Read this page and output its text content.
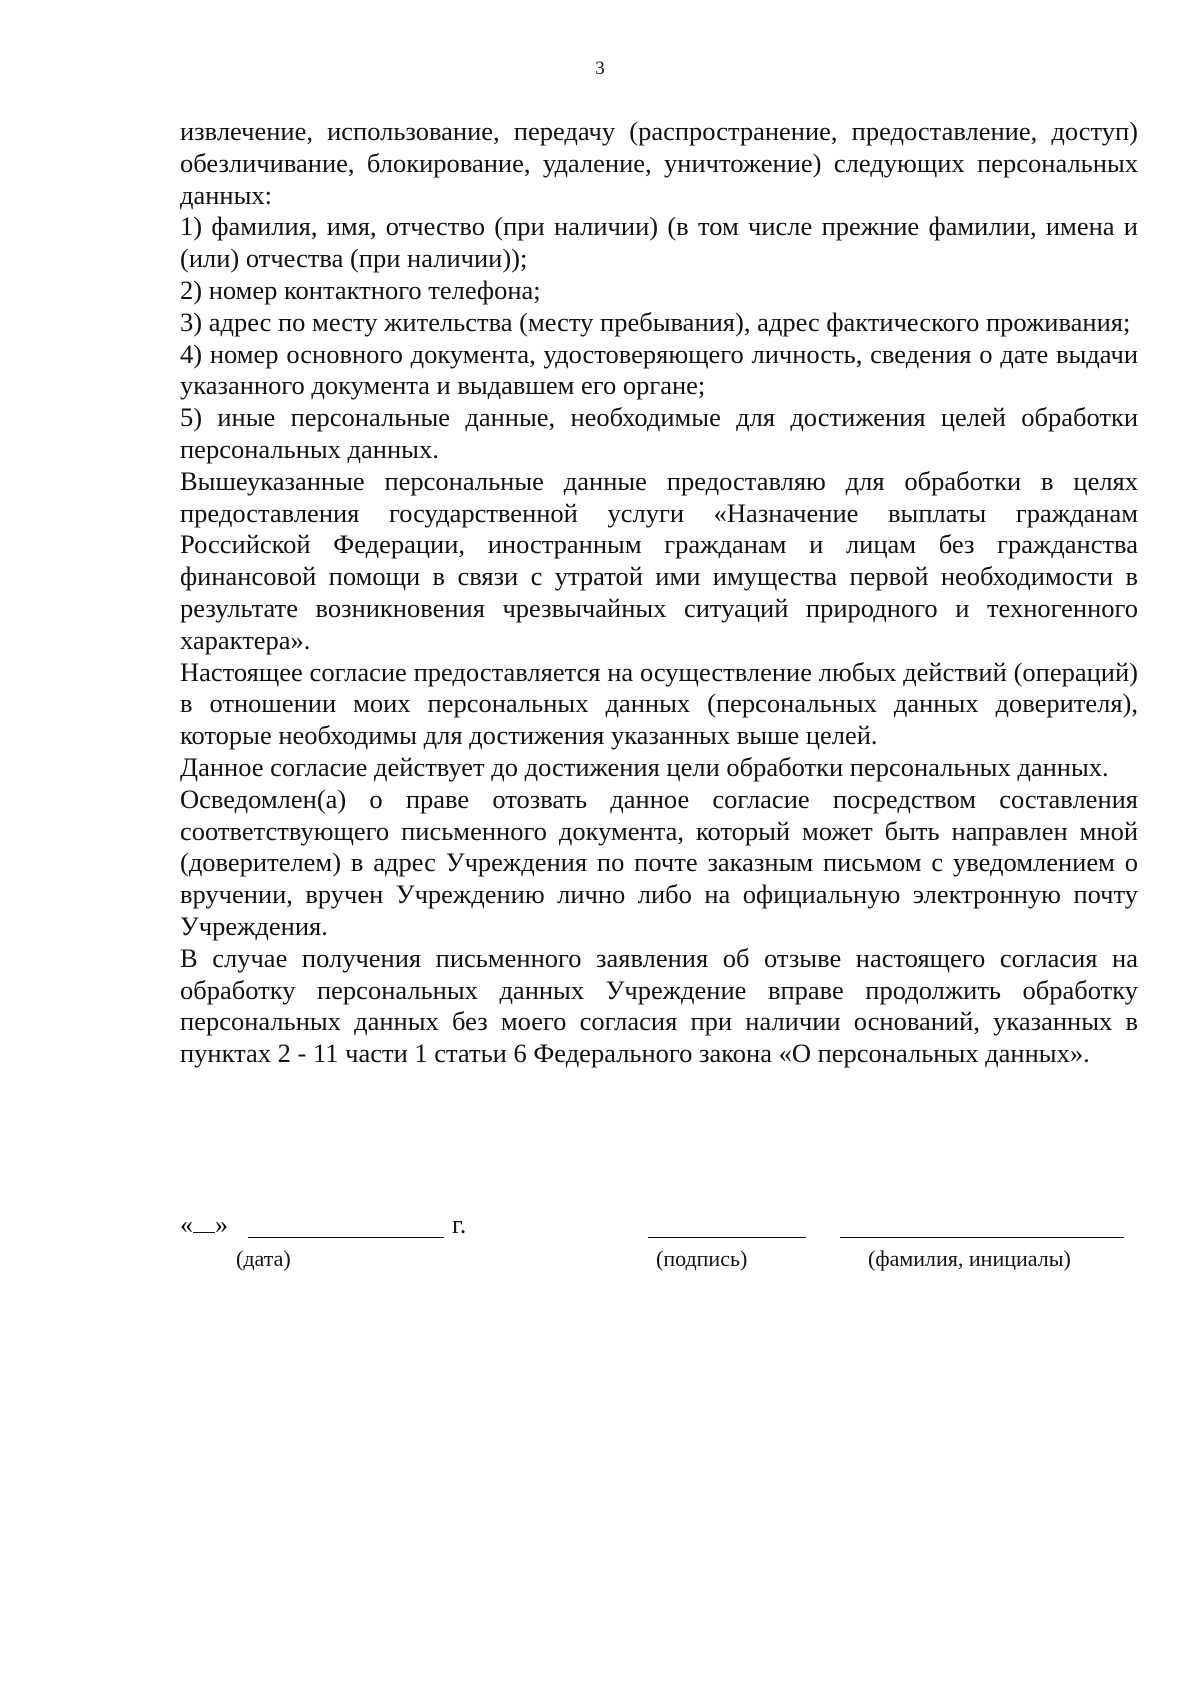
3

извлечение, использование, передачу (распространение, предоставление, доступ) обезличивание, блокирование, удаление, уничтожение) следующих персональных данных:

1) фамилия, имя, отчество (при наличии) (в том числе прежние фамилии, имена и (или) отчества (при наличии));

2) номер контактного телефона;

3) адрес по месту жительства (месту пребывания), адрес фактического проживания;

4) номер основного документа, удостоверяющего личность, сведения о дате выдачи указанного документа и выдавшем его органе;

5) иные персональные данные, необходимые для достижения целей обработки персональных данных.

Вышеуказанные персональные данные предоставляю для обработки в целях предоставления государственной услуги «Назначение выплаты гражданам Российской Федерации, иностранным гражданам и лицам без гражданства финансовой помощи в связи с утратой ими имущества первой необходимости в результате возникновения чрезвычайных ситуаций природного и техногенного характера».

Настоящее согласие предоставляется на осуществление любых действий (операций) в отношении моих персональных данных (персональных данных доверителя), которые необходимы для достижения указанных выше целей.

Данное согласие действует до достижения цели обработки персональных данных.

Осведомлен(а) о праве отозвать данное согласие посредством составления соответствующего письменного документа, который может быть направлен мной (доверителем) в адрес Учреждения по почте заказным письмом с уведомлением о вручении, вручен Учреждению лично либо на официальную электронную почту Учреждения.

В случае получения письменного заявления об отзыве настоящего согласия на обработку персональных данных Учреждение вправе продолжить обработку персональных данных без моего согласия при наличии оснований, указанных в пунктах 2 - 11 части 1 статьи 6 Федерального закона «О персональных данных».

« »	г.
(дата)	(подпись)	(фамилия, инициалы)
